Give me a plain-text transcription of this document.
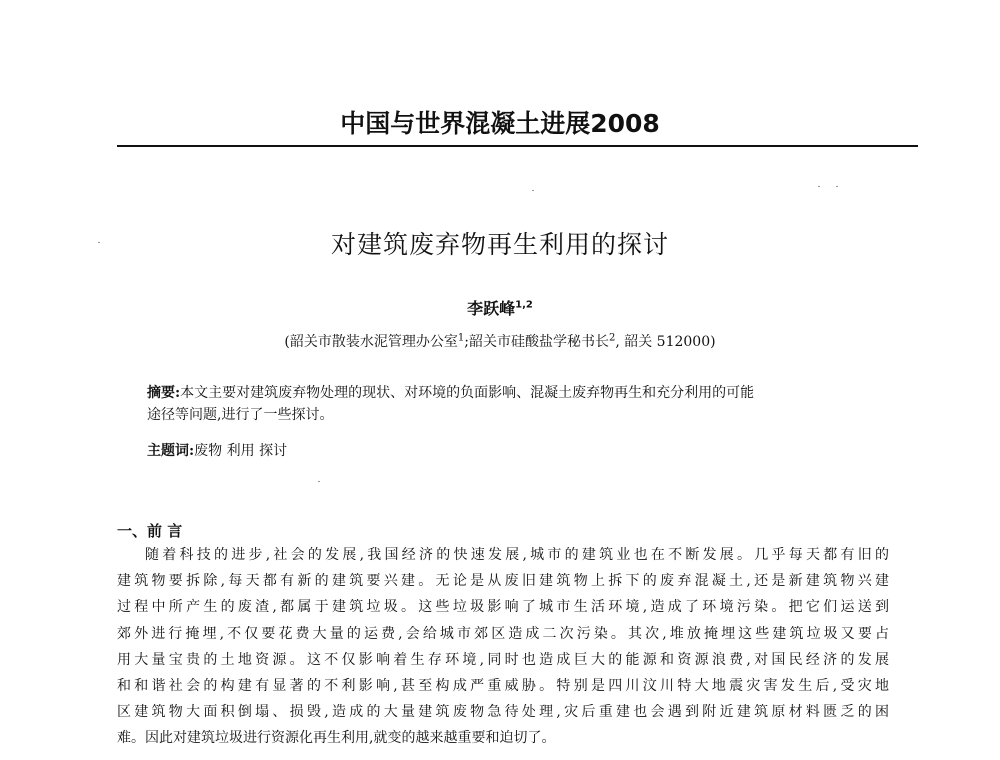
中国与世界混凝土进展2008
对建筑废弃物再生利用的探讨
李跃峰$^{1,2}$
(韶关市散装水泥管理办公室$^1$;韶关市硅酸盐学秘书长$^2$, 韶关 512000)

摘要:本文主要对建筑废弃物处理的现状、对环境的负面影响、混凝土废弃物再生和充分利用的可能

途径等问题,进行了一些探讨。

主题词:废物 利用 探讨
一、前 言
随着科技的进步,社会的发展,我国经济的快速发展,城市的建筑业也在不断发展。几乎每天都有旧的
建筑物要拆除,每天都有新的建筑要兴建。无论是从废旧建筑物上拆下的废弃混凝土,还是新建筑物兴建
过程中所产生的废渣,都属于建筑垃圾。这些垃圾影响了城市生活环境,造成了环境污染。把它们运送到
郊外进行掩埋,不仅要花费大量的运费,会给城市郊区造成二次污染。其次,堆放掩埋这些建筑垃圾又要占
用大量宝贵的土地资源。这不仅影响着生存环境,同时也造成巨大的能源和资源浪费,对国民经济的发展
和和谐社会的构建有显著的不利影响,甚至构成严重威胁。特别是四川汶川特大地震灾害发生后,受灾地
区建筑物大面积倒塌、损毁,造成的大量建筑废物急待处理,灾后重建也会遇到附近建筑原材料匮乏的困
难。因此对建筑垃圾进行资源化再生利用,就变的越来越重要和迫切了。
